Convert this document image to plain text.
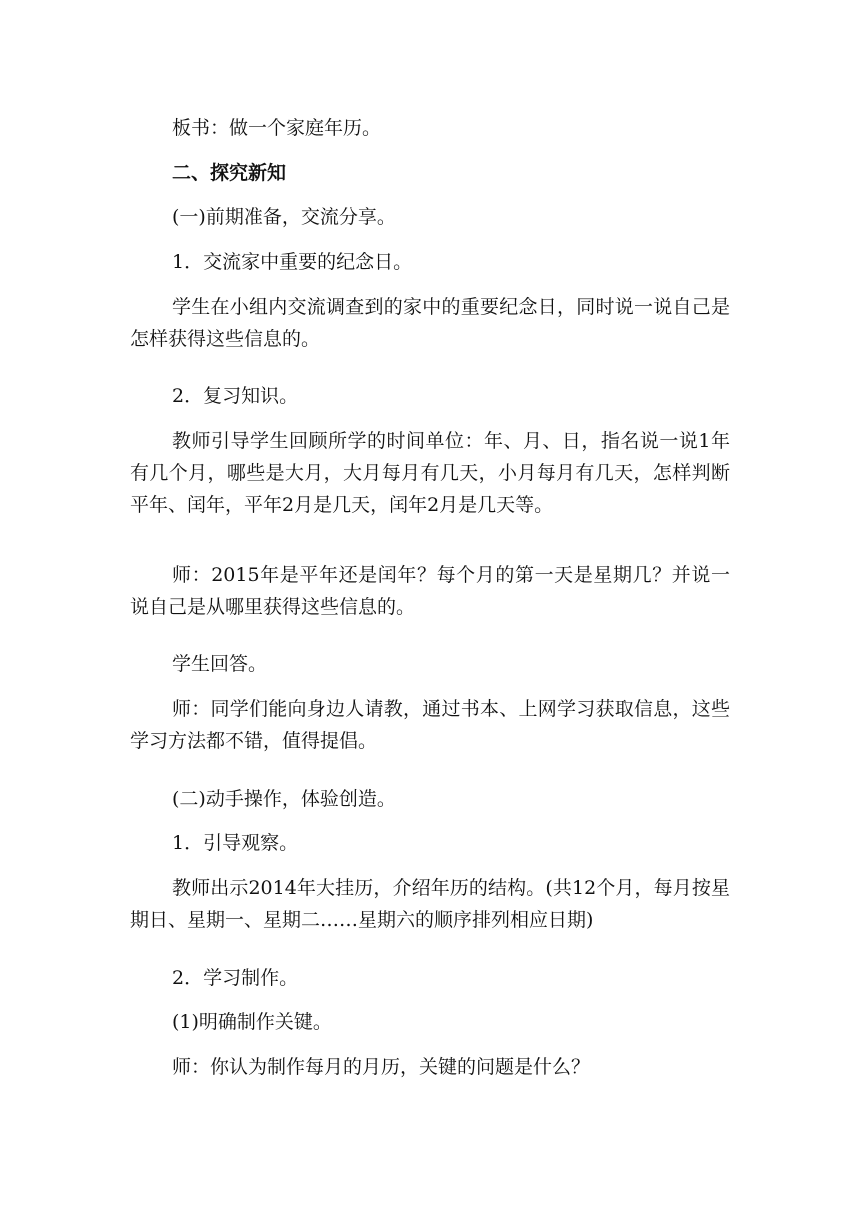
板书：做一个家庭年历。

二、探究新知

(一)前期准备，交流分享。

1．交流家中重要的纪念日。

学生在小组内交流调查到的家中的重要纪念日，同时说一说自己是怎样获得这些信息的。

2．复习知识。

教师引导学生回顾所学的时间单位：年、月、日，指名说一说1年有几个月，哪些是大月，大月每月有几天，小月每月有几天，怎样判断平年、闰年，平年2月是几天，闰年2月是几天等。

师：2015年是平年还是闰年？每个月的第一天是星期几？并说一说自己是从哪里获得这些信息的。

学生回答。

师：同学们能向身边人请教，通过书本、上网学习获取信息，这些学习方法都不错，值得提倡。

(二)动手操作，体验创造。

1．引导观察。

教师出示2014年大挂历，介绍年历的结构。(共12个月，每月按星期日、星期一、星期二……星期六的顺序排列相应日期)

2．学习制作。

(1)明确制作关键。

师：你认为制作每月的月历，关键的问题是什么？
